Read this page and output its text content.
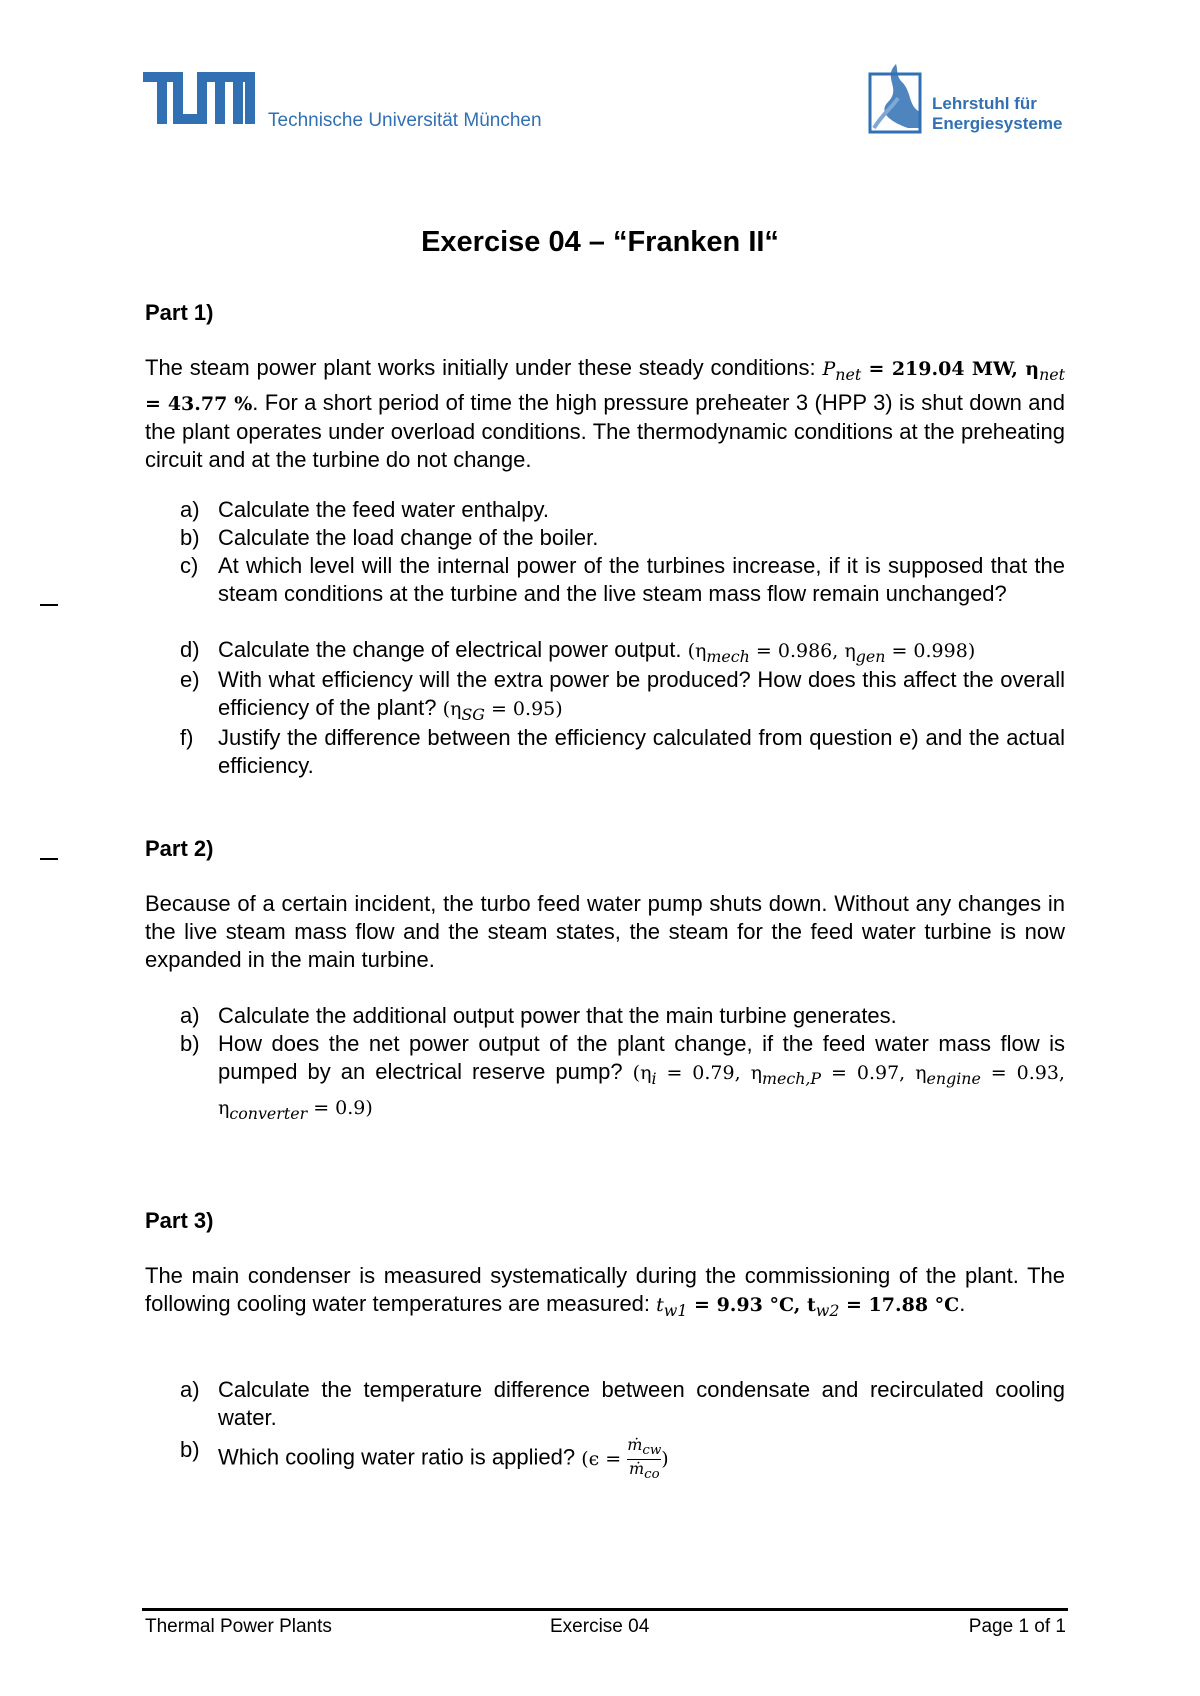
Technische Universität München
Lehrstuhl für
Energiesysteme
Exercise 04 – “Franken II“
Part 1)
The steam power plant works initially under these steady conditions: $P_{net} = 219.04$ MW, $\eta_{net} = 43.77$ %. For a short period of time the high pressure preheater 3 (HPP 3) is shut down and the plant operates under overload conditions. The thermodynamic conditions at the preheating circuit and at the turbine do not change.
a) Calculate the feed water enthalpy.
b) Calculate the load change of the boiler.
c) At which level will the internal power of the turbines increase, if it is supposed that the steam conditions at the turbine and the live steam mass flow remain unchanged?
d) Calculate the change of electrical power output. ($\eta_{mech} = 0.986$, $\eta_{gen} = 0.998$)
e) With what efficiency will the extra power be produced? How does this affect the overall efficiency of the plant? $(\eta_{SG} = 0.95)$
f) Justify the difference between the efficiency calculated from question e) and the actual efficiency.
Part 2)
Because of a certain incident, the turbo feed water pump shuts down. Without any changes in the live steam mass flow and the steam states, the steam for the feed water turbine is now expanded in the main turbine.
a) Calculate the additional output power that the main turbine generates.
b) How does the net power output of the plant change, if the feed water mass flow is pumped by an electrical reserve pump? ($\eta_i = 0.79$, $\eta_{mech,P} = 0.97$, $\eta_{engine} = 0.93$, $\eta_{converter} = 0.9$)
Part 3)
The main condenser is measured systematically during the commissioning of the plant. The following cooling water temperatures are measured: $t_{w1} = 9.93$ °C, $t_{w2} = 17.88$ °C.
a) Calculate the temperature difference between condensate and recirculated cooling water.
b) Which cooling water ratio is applied? (ϵ =
ṁ$_{cw}$
ṁ$_{co}$
)
Thermal Power Plants	Exercise 04	Page 1 of 1
